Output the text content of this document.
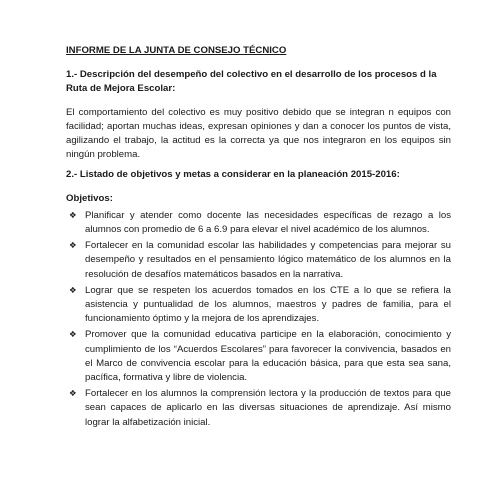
INFORME DE LA JUNTA DE CONSEJO TÉCNICO
1.- Descripción del desempeño del colectivo en el desarrollo de los procesos d la Ruta de Mejora Escolar:
El comportamiento del colectivo es muy positivo debido que se integran n equipos con facilidad; aportan muchas ideas, expresan opiniones y dan a conocer los puntos de vista, agilizando el trabajo, la actitud es la correcta ya que nos integraron en los equipos sin ningún problema.
2.- Listado de objetivos y metas a considerar en la planeación 2015-2016:
Objetivos:
❖ Planificar y atender como docente las necesidades específicas de rezago a los alumnos con promedio de 6 a 6.9 para elevar el nivel académico de los alumnos.
❖ Fortalecer en la comunidad escolar las habilidades y competencias para mejorar su desempeño y resultados en el pensamiento lógico matemático de los alumnos en la resolución de desafíos matemáticos basados en la narrativa.
❖ Lograr que se respeten los acuerdos tomados en los CTE a lo que se refiera la asistencia y puntualidad de los alumnos, maestros y padres de familia, para el funcionamiento óptimo y la mejora de los aprendizajes.
❖ Promover que la comunidad educativa participe en la elaboración, conocimiento y cumplimiento de los “Acuerdos Escolares” para favorecer la convivencia, basados en el Marco de convivencia escolar para la educación básica, para que esta sea sana, pacífica, formativa y libre de violencia.
❖ Fortalecer en los alumnos la comprensión lectora y la producción de textos para que sean capaces de aplicarlo en las diversas situaciones de aprendizaje. Así mismo lograr la alfabetización inicial.
